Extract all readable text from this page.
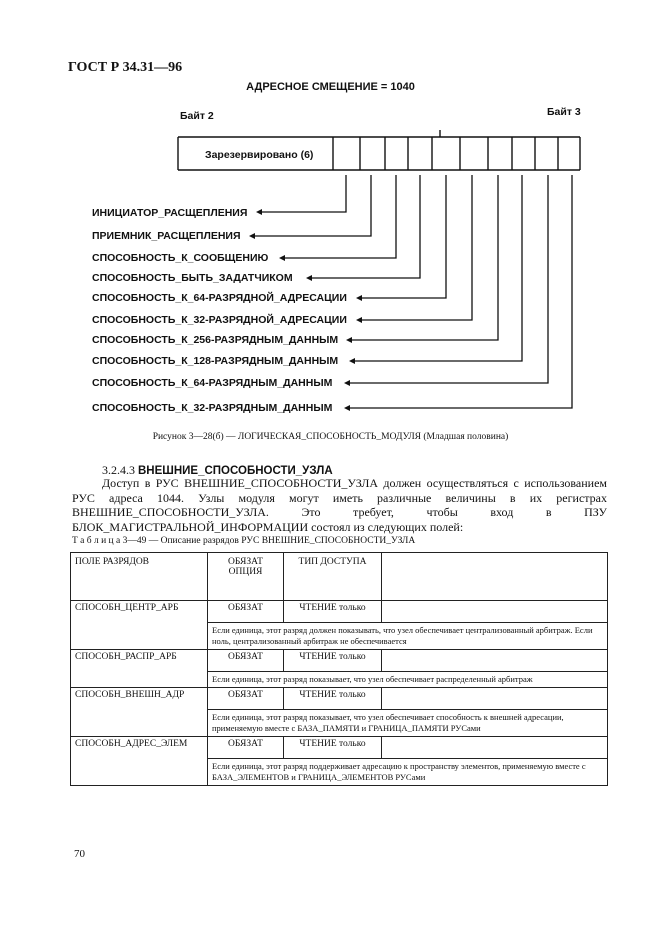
ГОСТ Р 34.31—96
АДРЕСНОЕ СМЕЩЕНИЕ = 1040
Байт 2	Байт 3
Зарезервировано (6)
ИНИЦИАТОР_РАСЩЕПЛЕНИЯ
ПРИЕМНИК_РАСЩЕПЛЕНИЯ
СПОСОБНОСТЬ_К_СООБЩЕНИЮ
СПОСОБНОСТЬ_БЫТЬ_ЗАДАТЧИКОМ
СПОСОБНОСТЬ_К_64-РАЗРЯДНОЙ_АДРЕСАЦИИ
СПОСОБНОСТЬ_К_32-РАЗРЯДНОЙ_АДРЕСАЦИИ
СПОСОБНОСТЬ_К_256-РАЗРЯДНЫМ_ДАННЫМ
СПОСОБНОСТЬ_К_128-РАЗРЯДНЫМ_ДАННЫМ
СПОСОБНОСТЬ_К_64-РАЗРЯДНЫМ_ДАННЫМ
СПОСОБНОСТЬ_К_32-РАЗРЯДНЫМ_ДАННЫМ
Рисунок 3—28(б) — ЛОГИЧЕСКАЯ_СПОСОБНОСТЬ_МОДУЛЯ (Младшая половина)
3.2.4.3 ВНЕШНИЕ_СПОСОБНОСТИ_УЗЛА
Доступ в РУС ВНЕШНИЕ_СПОСОБНОСТИ_УЗЛА должен осуществляться с использованием РУС адреса 1044. Узлы модуля могут иметь различные величины в их регистрах ВНЕШНИЕ_СПОСОБНОСТИ_УЗЛА. Это требует, чтобы вход в ПЗУ БЛОК_МАГИСТРАЛЬНОЙ_ИНФОРМАЦИИ состоял из следующих полей:
Т а б л и ц а 3—49 — Описание разрядов РУС ВНЕШНИЕ_СПОСОБНОСТИ_УЗЛА
ПОЛЕ РАЗРЯДОВ	ОБЯЗАТ ОПЦИЯ	ТИП ДОСТУПА	
СПОСОБН_ЦЕНТР_АРБ	ОБЯЗАТ	ЧТЕНИЕ только	
	Если единица, этот разряд должен показывать, что узел обеспечивает централизованный арбитраж. Если ноль, централизованный арбитраж не обеспечивается		
СПОСОБН_РАСПР_АРБ	ОБЯЗАТ	ЧТЕНИЕ только	
	Если единица, этот разряд показывает, что узел обеспечивает распределенный арбитраж		
СПОСОБН_ВНЕШН_АДР	ОБЯЗАТ	ЧТЕНИЕ только	
	Если единица, этот разряд показывает, что узел обеспечивает способность к внешней адресации, применяемую вместе с БАЗА_ПАМЯТИ и ГРАНИЦА_ПАМЯТИ РУСами		
СПОСОБН_АДРЕС_ЭЛЕМ	ОБЯЗАТ	ЧТЕНИЕ только	
	Если единица, этот разряд поддерживает адресацию к пространству элементов, применяемую вместе с БАЗА_ЭЛЕМЕНТОВ и ГРАНИЦА_ЭЛЕМЕНТОВ РУСами		
70
